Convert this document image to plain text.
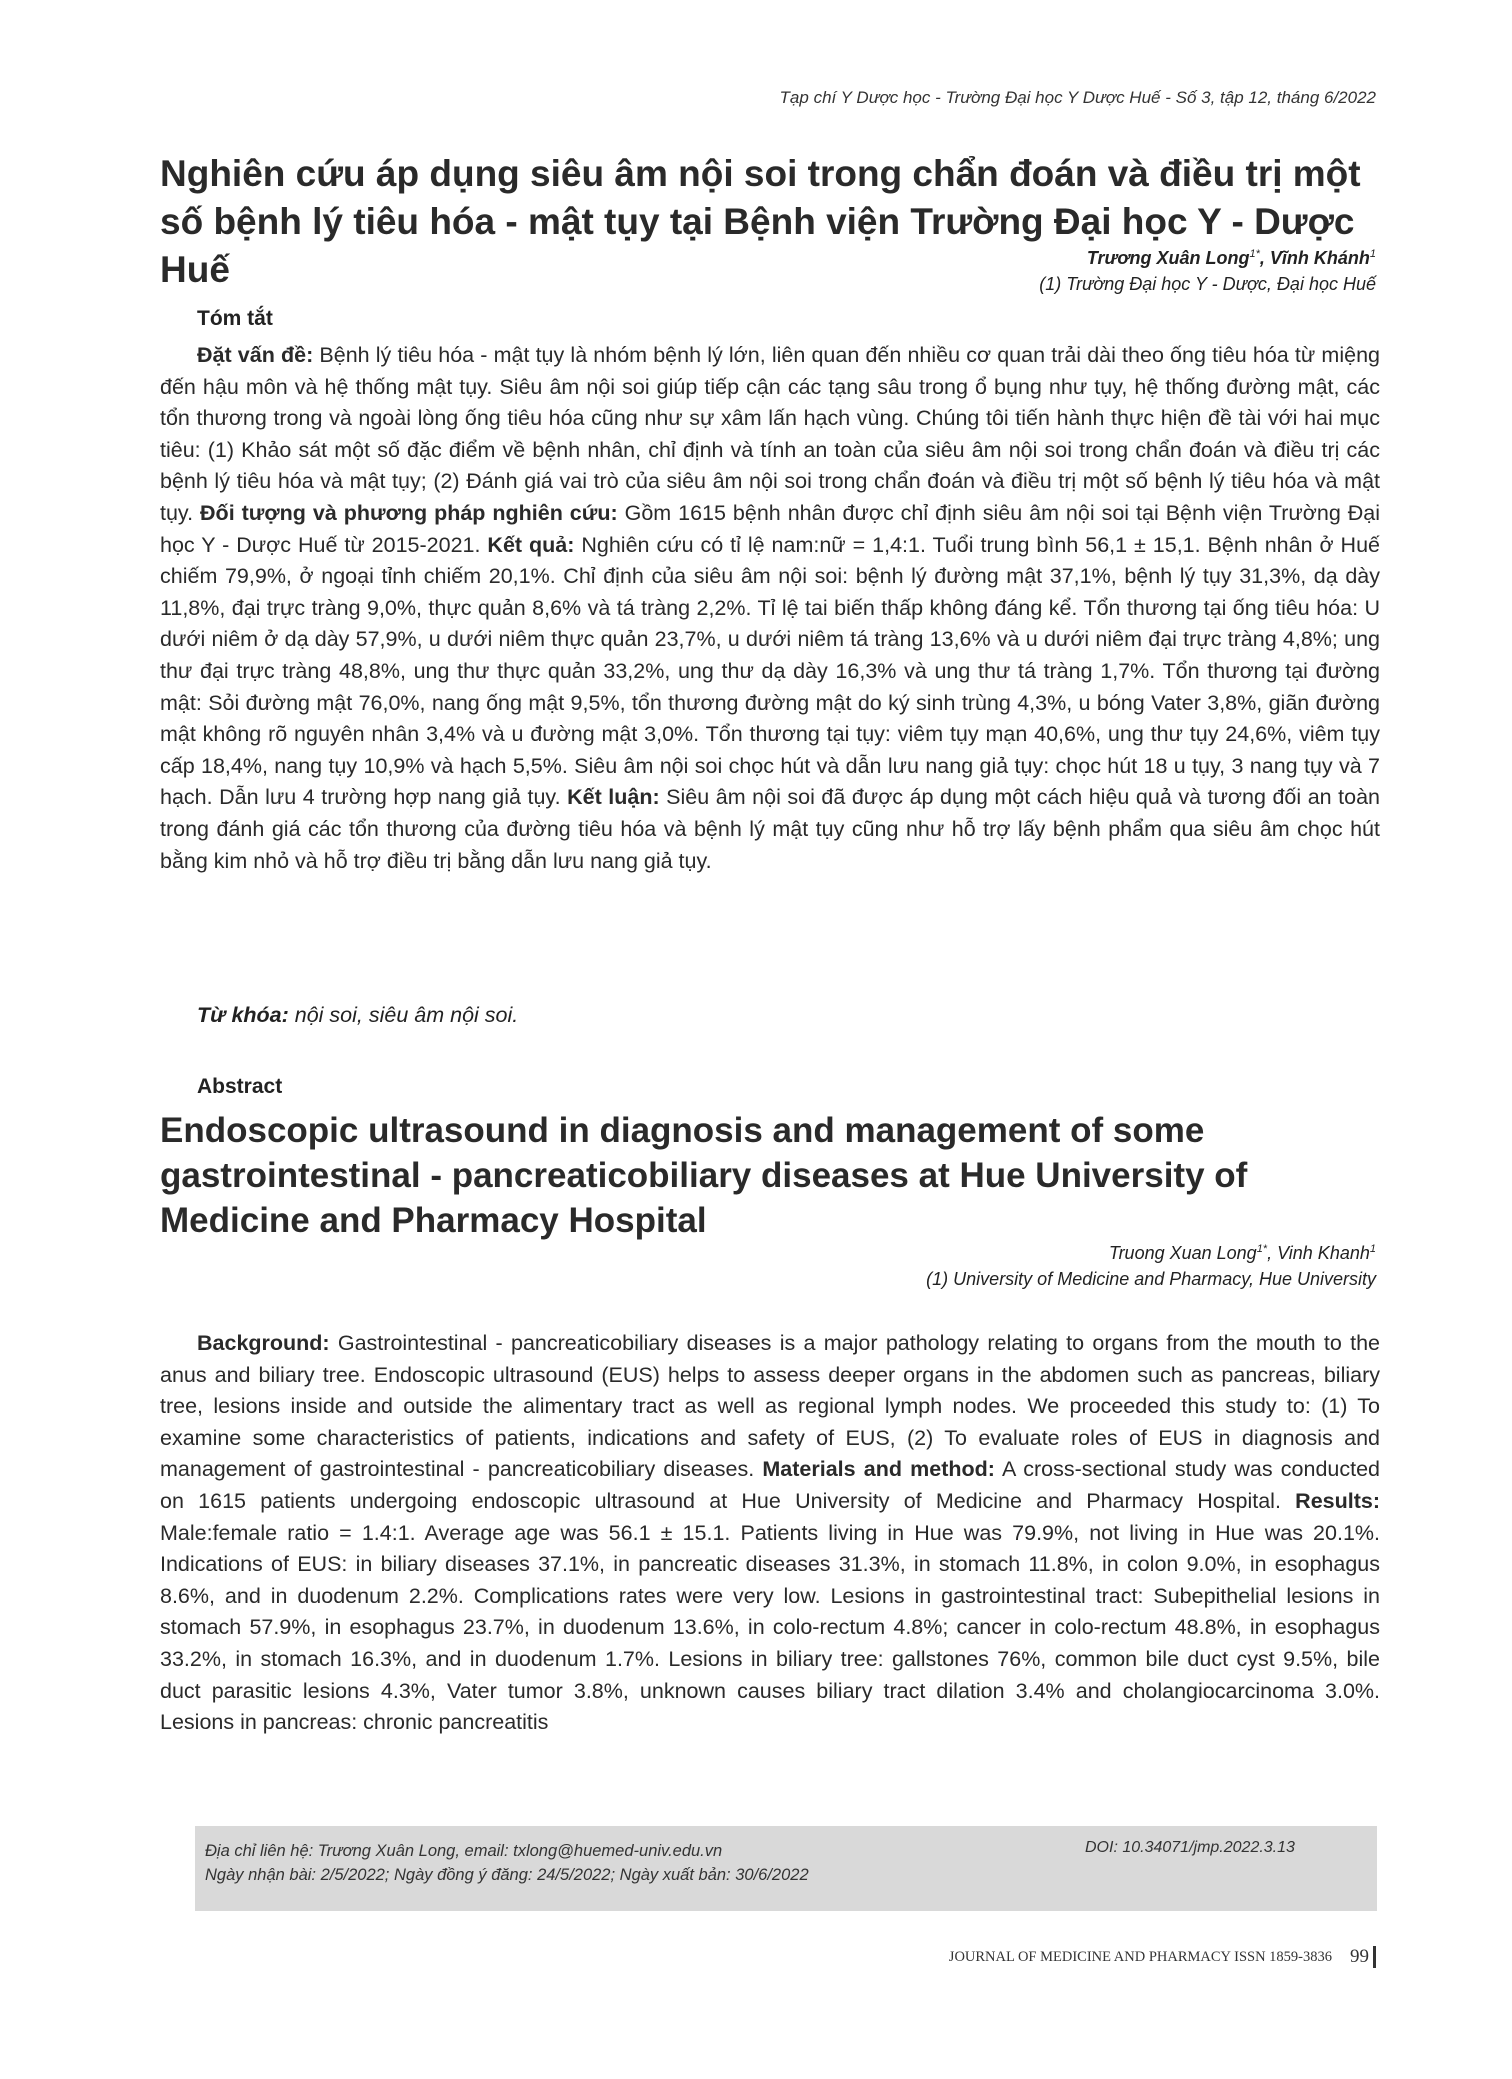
Tạp chí Y Dược học - Trường Đại học Y Dược Huế - Số 3, tập 12, tháng 6/2022
Nghiên cứu áp dụng siêu âm nội soi trong chẩn đoán và điều trị một số bệnh lý tiêu hóa - mật tụy tại Bệnh viện Trường Đại học Y - Dược Huế	Trương Xuân Long$^{1*}$, Vĩnh Khánh$^1$
(1) Trường Đại học Y - Dược, Đại học Huế
Tóm tắt

Đặt vấn đề: Bệnh lý tiêu hóa - mật tụy là nhóm bệnh lý lớn, liên quan đến nhiều cơ quan trải dài theo ống tiêu hóa từ miệng đến hậu môn và hệ thống mật tụy. Siêu âm nội soi giúp tiếp cận các tạng sâu trong ổ bụng như tụy, hệ thống đường mật, các tổn thương trong và ngoài lòng ống tiêu hóa cũng như sự xâm lấn hạch vùng. Chúng tôi tiến hành thực hiện đề tài với hai mục tiêu: (1) Khảo sát một số đặc điểm về bệnh nhân, chỉ định và tính an toàn của siêu âm nội soi trong chẩn đoán và điều trị các bệnh lý tiêu hóa và mật tụy; (2) Đánh giá vai trò của siêu âm nội soi trong chẩn đoán và điều trị một số bệnh lý tiêu hóa và mật tụy. Đối tượng và phương pháp nghiên cứu: Gồm 1615 bệnh nhân được chỉ định siêu âm nội soi tại Bệnh viện Trường Đại học Y - Dược Huế từ 2015-2021. Kết quả: Nghiên cứu có tỉ lệ nam:nữ = 1,4:1. Tuổi trung bình 56,1 ± 15,1. Bệnh nhân ở Huế chiếm 79,9%, ở ngoại tỉnh chiếm 20,1%. Chỉ định của siêu âm nội soi: bệnh lý đường mật 37,1%, bệnh lý tụy 31,3%, dạ dày 11,8%, đại trực tràng 9,0%, thực quản 8,6% và tá tràng 2,2%. Tỉ lệ tai biến thấp không đáng kể. Tổn thương tại ống tiêu hóa: U dưới niêm ở dạ dày 57,9%, u dưới niêm thực quản 23,7%, u dưới niêm tá tràng 13,6% và u dưới niêm đại trực tràng 4,8%; ung thư đại trực tràng 48,8%, ung thư thực quản 33,2%, ung thư dạ dày 16,3% và ung thư tá tràng 1,7%. Tổn thương tại đường mật: Sỏi đường mật 76,0%, nang ống mật 9,5%, tổn thương đường mật do ký sinh trùng 4,3%, u bóng Vater 3,8%, giãn đường mật không rõ nguyên nhân 3,4% và u đường mật 3,0%. Tổn thương tại tụy: viêm tụy mạn 40,6%, ung thư tụy 24,6%, viêm tụy cấp 18,4%, nang tụy 10,9% và hạch 5,5%. Siêu âm nội soi chọc hút và dẫn lưu nang giả tụy: chọc hút 18 u tụy, 3 nang tụy và 7 hạch. Dẫn lưu 4 trường hợp nang giả tụy. Kết luận: Siêu âm nội soi đã được áp dụng một cách hiệu quả và tương đối an toàn trong đánh giá các tổn thương của đường tiêu hóa và bệnh lý mật tụy cũng như hỗ trợ lấy bệnh phẩm qua siêu âm chọc hút bằng kim nhỏ và hỗ trợ điều trị bằng dẫn lưu nang giả tụy.

Từ khóa: nội soi, siêu âm nội soi.
Abstract
Endoscopic ultrasound in diagnosis and management of some gastrointestinal - pancreaticobiliary diseases at Hue University of Medicine and Pharmacy Hospital
Truong Xuan Long$^{1*}$, Vinh Khanh$^1$
(1) University of Medicine and Pharmacy, Hue University

Background: Gastrointestinal - pancreaticobiliary diseases is a major pathology relating to organs from the mouth to the anus and biliary tree. Endoscopic ultrasound (EUS) helps to assess deeper organs in the abdomen such as pancreas, biliary tree, lesions inside and outside the alimentary tract as well as regional lymph nodes. We proceeded this study to: (1) To examine some characteristics of patients, indications and safety of EUS, (2) To evaluate roles of EUS in diagnosis and management of gastrointestinal - pancreaticobiliary diseases. Materials and method: A cross-sectional study was conducted on 1615 patients undergoing endoscopic ultrasound at Hue University of Medicine and Pharmacy Hospital. Results: Male:female ratio = 1.4:1. Average age was 56.1 ± 15.1. Patients living in Hue was 79.9%, not living in Hue was 20.1%. Indications of EUS: in biliary diseases 37.1%, in pancreatic diseases 31.3%, in stomach 11.8%, in colon 9.0%, in esophagus 8.6%, and in duodenum 2.2%. Complications rates were very low. Lesions in gastrointestinal tract: Subepithelial lesions in stomach 57.9%, in esophagus 23.7%, in duodenum 13.6%, in colo-rectum 4.8%; cancer in colo-rectum 48.8%, in esophagus 33.2%, in stomach 16.3%, and in duodenum 1.7%. Lesions in biliary tree: gallstones 76%, common bile duct cyst 9.5%, bile duct parasitic lesions 4.3%, Vater tumor 3.8%, unknown causes biliary tract dilation 3.4% and cholangiocarcinoma 3.0%. Lesions in pancreas: chronic pancreatitis

Địa chỉ liên hệ: Trương Xuân Long, email: txlong@huemed-univ.edu.vn
Ngày nhận bài: 2/5/2022; Ngày đồng ý đăng: 24/5/2022; Ngày xuất bản: 30/6/2022
DOI: 10.34071/jmp.2022.3.13
JOURNAL OF MEDICINE AND PHARMACY ISSN 1859-3836 99
